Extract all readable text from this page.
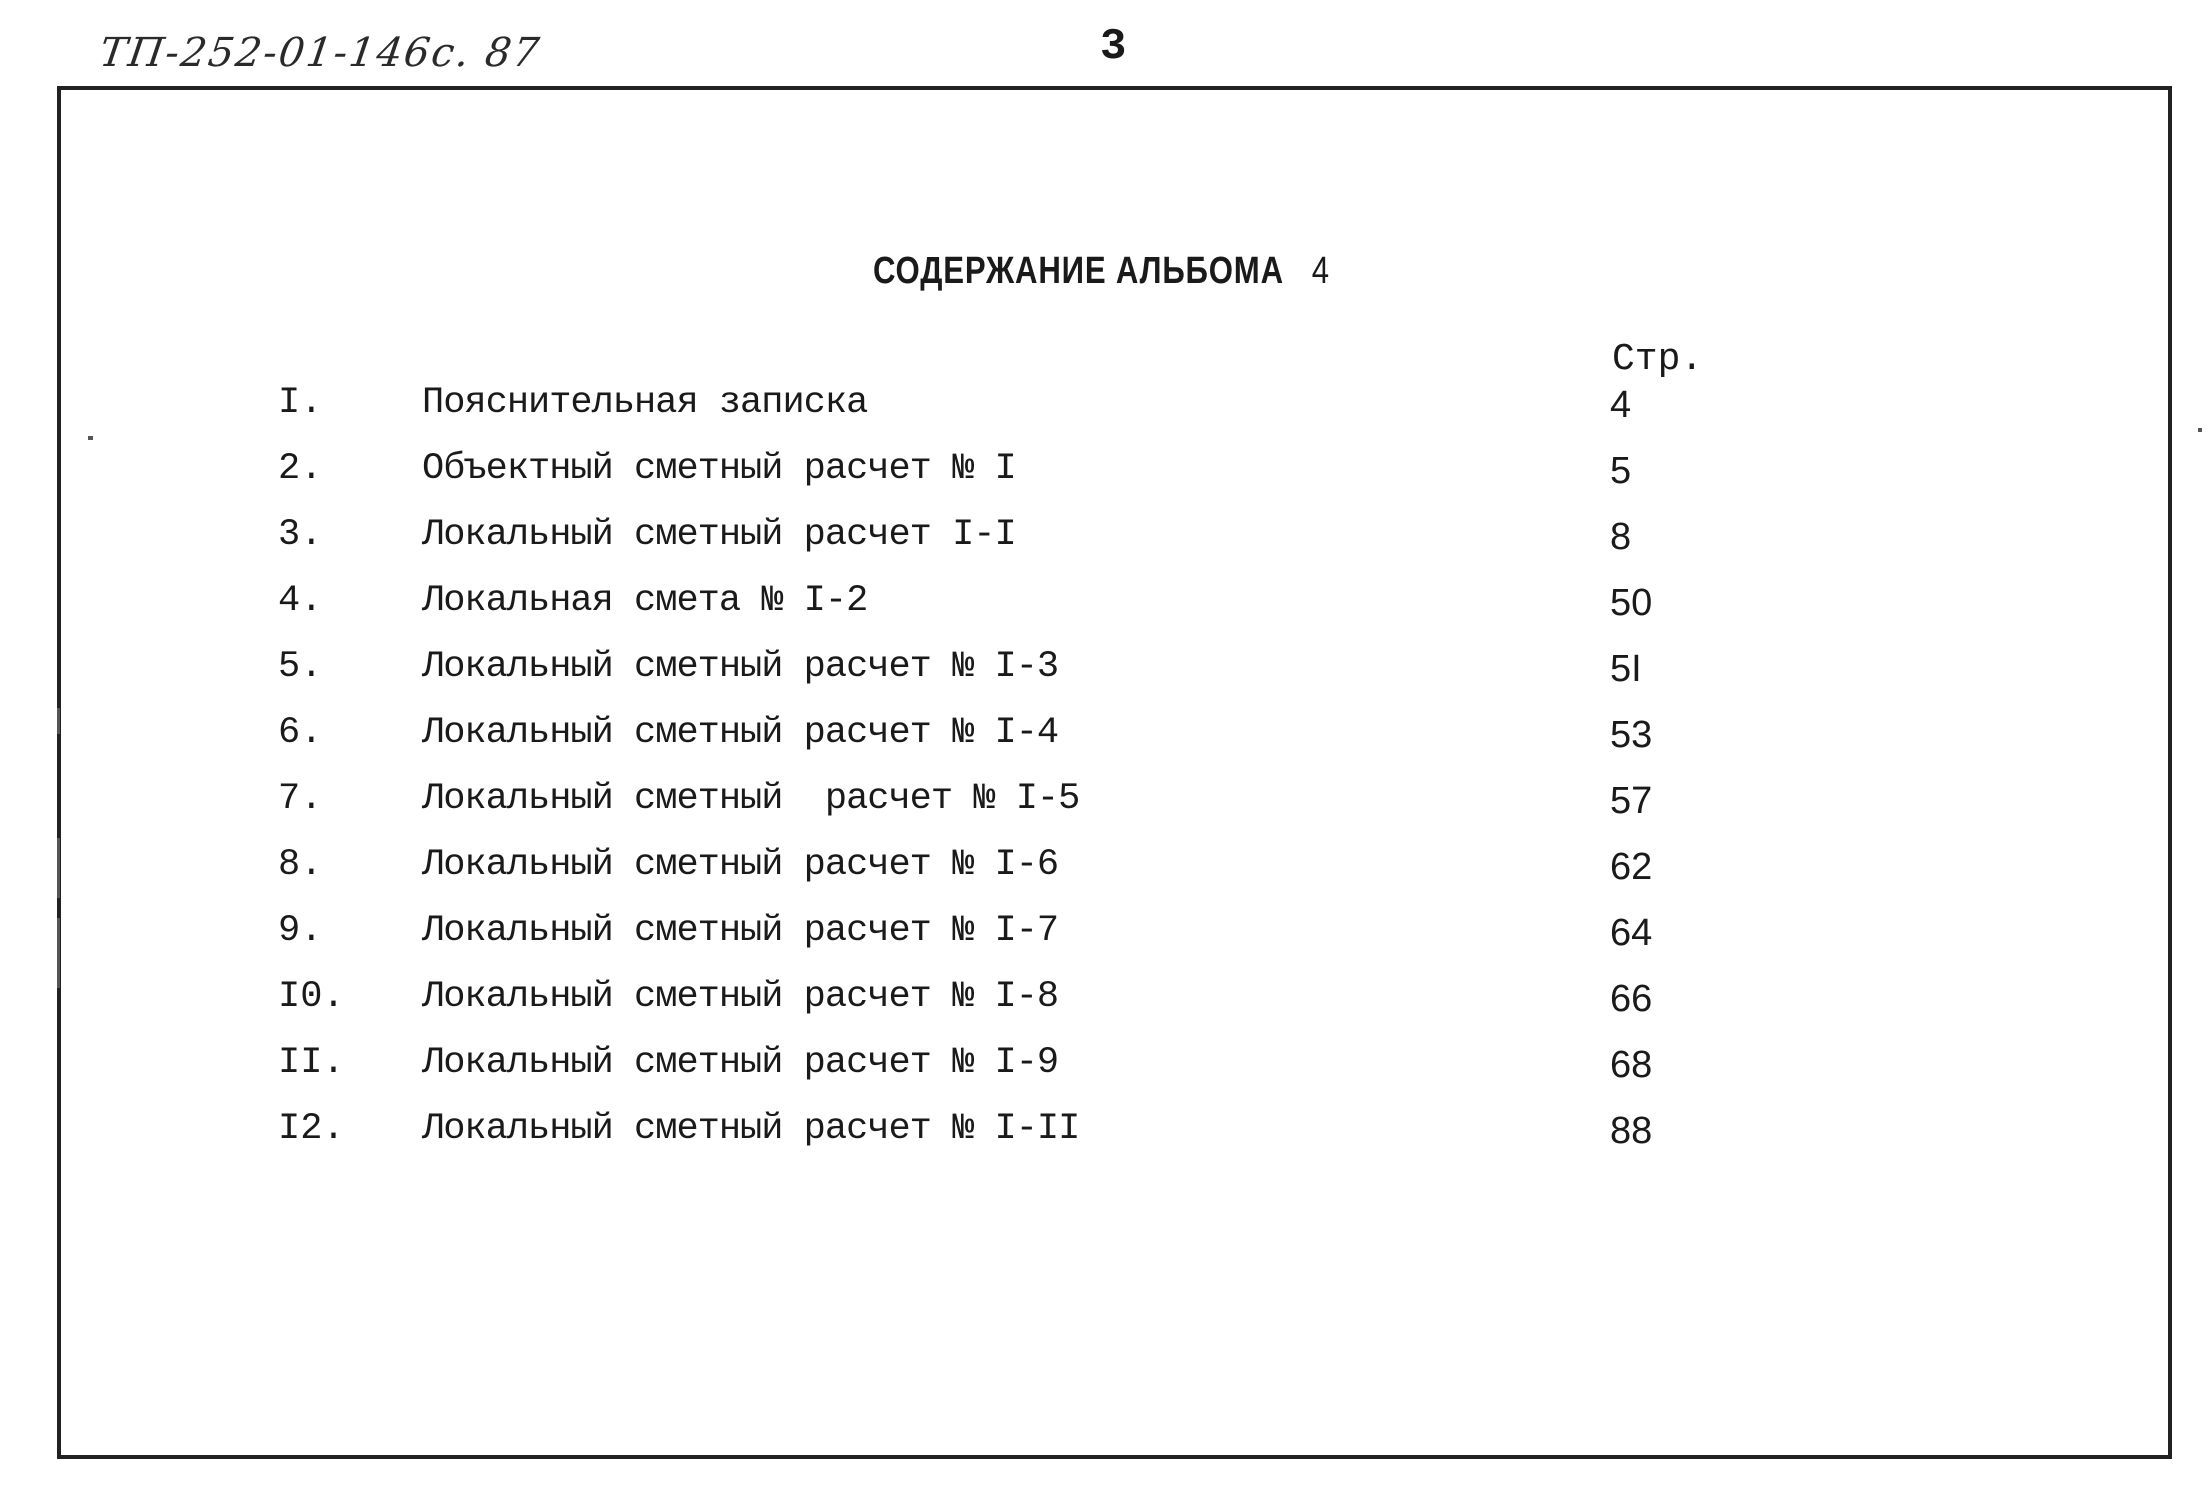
ТП-252-01-146с. 87	3
СОДЕРЖАНИЕ АЛЬБОМА 4
Стр.
I.	Пояснительная записка	4
2.	Объектный сметный расчет № I	5
3.	Локальный сметный расчет I-I	8
4.	Локальная смета № I-2	50
5.	Локальный сметный расчет № I-3	5I
6.	Локальный сметный расчет № I-4	53
7.	Локальный сметный  расчет № I-5	57
8.	Локальный сметный расчет № I-6	62
9.	Локальный сметный расчет № I-7	64
I0. Локальный сметный расчет № I-8	66
II. Локальный сметный расчет № I-9	68
I2. Локальный сметный расчет № I-II	88
